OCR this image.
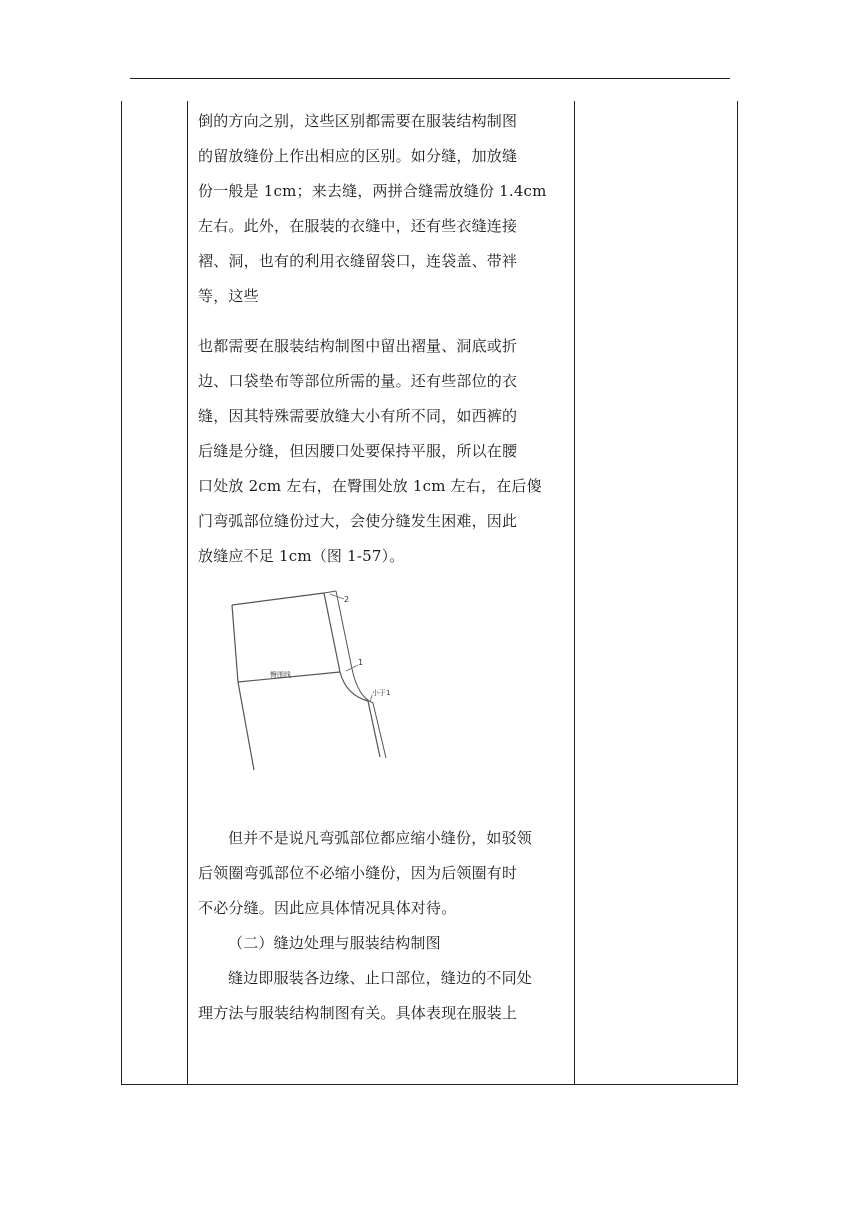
倒的方向之别，这些区别都需要在服装结构制图
的留放缝份上作出相应的区别。如分缝，加放缝
份一般是 1cm；来去缝，两拼合缝需放缝份 1.4cm
左右。此外，在服装的衣缝中，还有些衣缝连接
褶、洞，也有的利用衣缝留袋口，连袋盖、带袢
等，这些

也都需要在服装结构制图中留出褶量、洞底或折
边、口袋垫布等部位所需的量。还有些部位的衣
缝，因其特殊需要放缝大小有所不同，如西裤的
后缝是分缝，但因腰口处要保持平服，所以在腰
口处放 2cm 左右，在臀围处放 1cm 左右，在后傻
门弯弧部位缝份过大，会使分缝发生困难，因此
放缝应不足 1cm（图 1-57）。

但并不是说凡弯弧部位都应缩小缝份，如驳领
后领圈弯弧部位不必缩小缝份，因为后领圈有时
不必分缝。因此应具体情况具体对待。

（二）缝边处理与服装结构制图

缝边即服装各边缘、止口部位，缝边的不同处
理方法与服装结构制图有关。具体表现在服装上

2
1
小于1
臀围线
